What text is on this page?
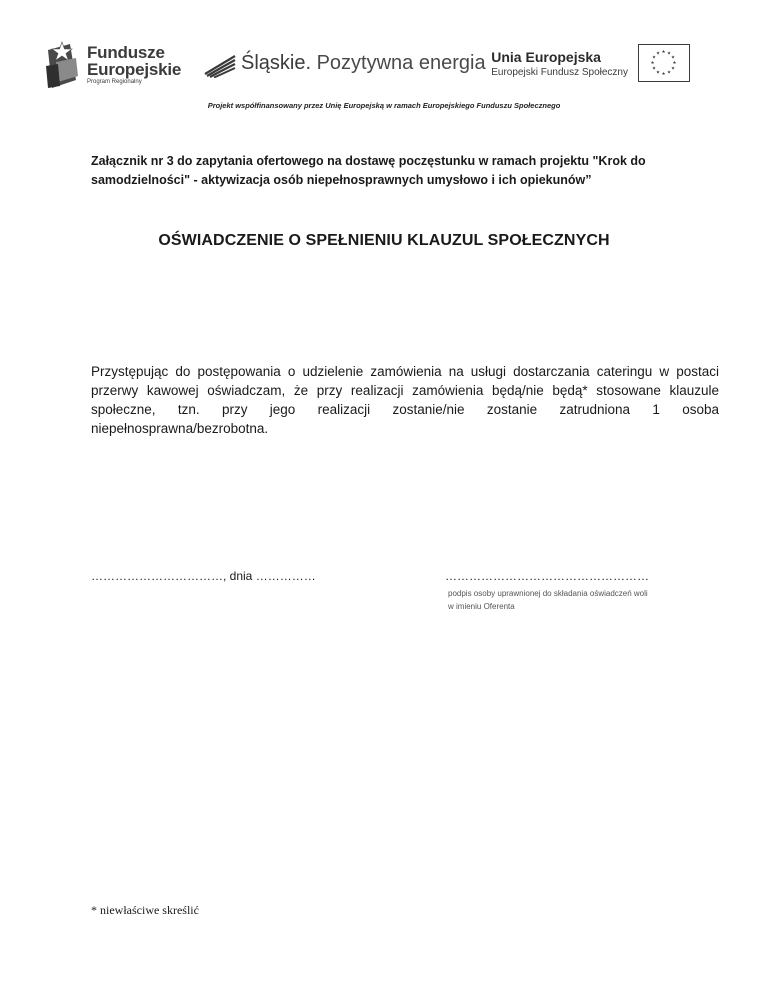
Fundusze
Europejskie
Program Regionalny
Śląskie. Pozytywna energia Unia Europejska
Europejski Fundusz Społeczny
★ ★
★
★
★
★
★
★
★
★
★
★
Projekt współfinansowany przez Unię Europejską w ramach Europejskiego Funduszu Społecznego
Załącznik nr 3 do zapytania ofertowego na dostawę poczęstunku w ramach projektu "Krok do samodzielności" - aktywizacja osób niepełnosprawnych umysłowo i ich opiekunów”
OŚWIADCZENIE O SPEŁNIENIU KLAUZUL SPOŁECZNYCH
Przystępując do postępowania o udzielenie zamówienia na usługi dostarczania cateringu w postaci przerwy kawowej oświadczam, że przy realizacji zamówienia będą/nie będą* stosowane klauzule społeczne, tzn. przy jego realizacji zostanie/nie zostanie zatrudniona 1 osoba niepełnosprawna/bezrobotna.
……………………………, dnia ……………	……………………………………………
podpis osoby uprawnionej do składania oświadczeń woli w imieniu Oferenta
* niewłaściwe skreślić
